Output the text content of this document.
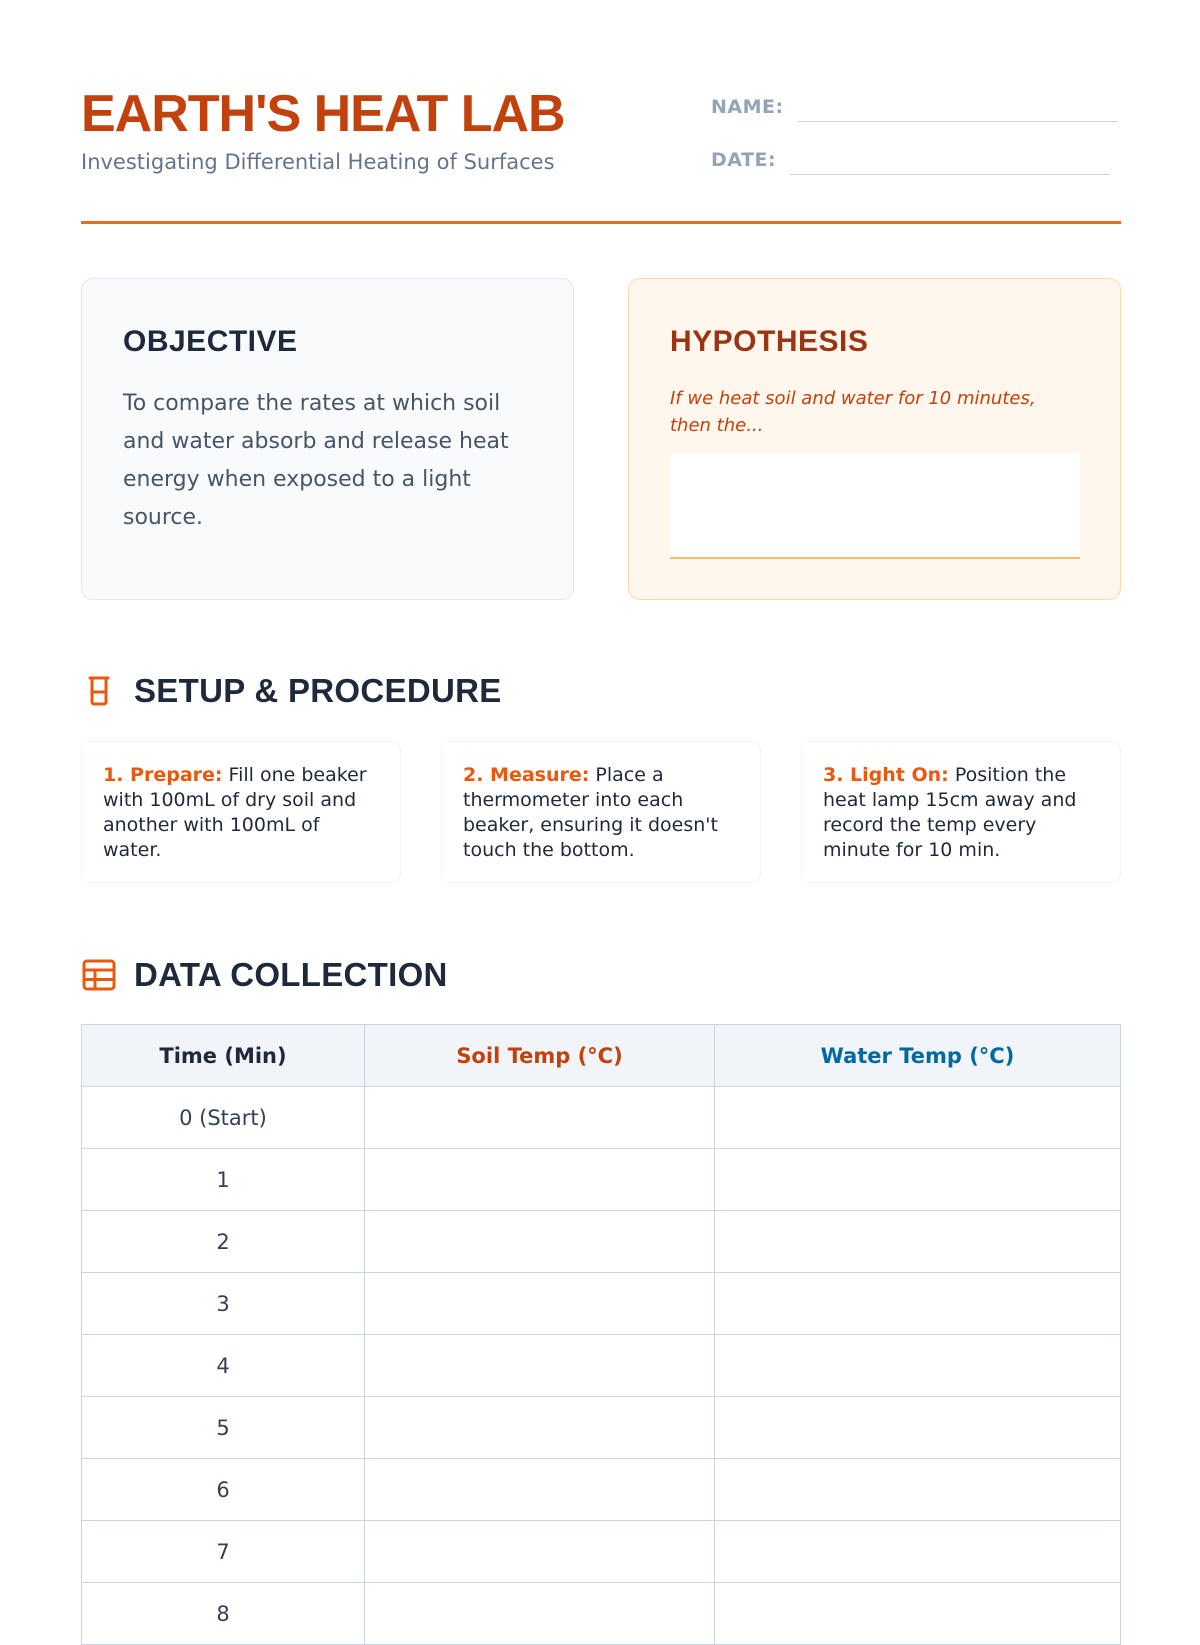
EARTH'S HEAT LAB
Investigating Differential Heating of Surfaces
NAME:
DATE:
OBJECTIVE
To compare the rates at which soil and water absorb and release heat energy when exposed to a light source.
HYPOTHESIS
If we heat soil and water for 10 minutes, then the...
SETUP & PROCEDURE
1. Prepare: Fill one beaker with 100mL of dry soil and another with 100mL of water.
2. Measure: Place a thermometer into each beaker, ensuring it doesn't touch the bottom.
3. Light On: Position the heat lamp 15cm away and record the temp every minute for 10 min.
DATA COLLECTION
Time (Min)	Soil Temp (°C)	Water Temp (°C)
0 (Start)		
1		
2		
3		
4		
5		
6		
7		
8		
